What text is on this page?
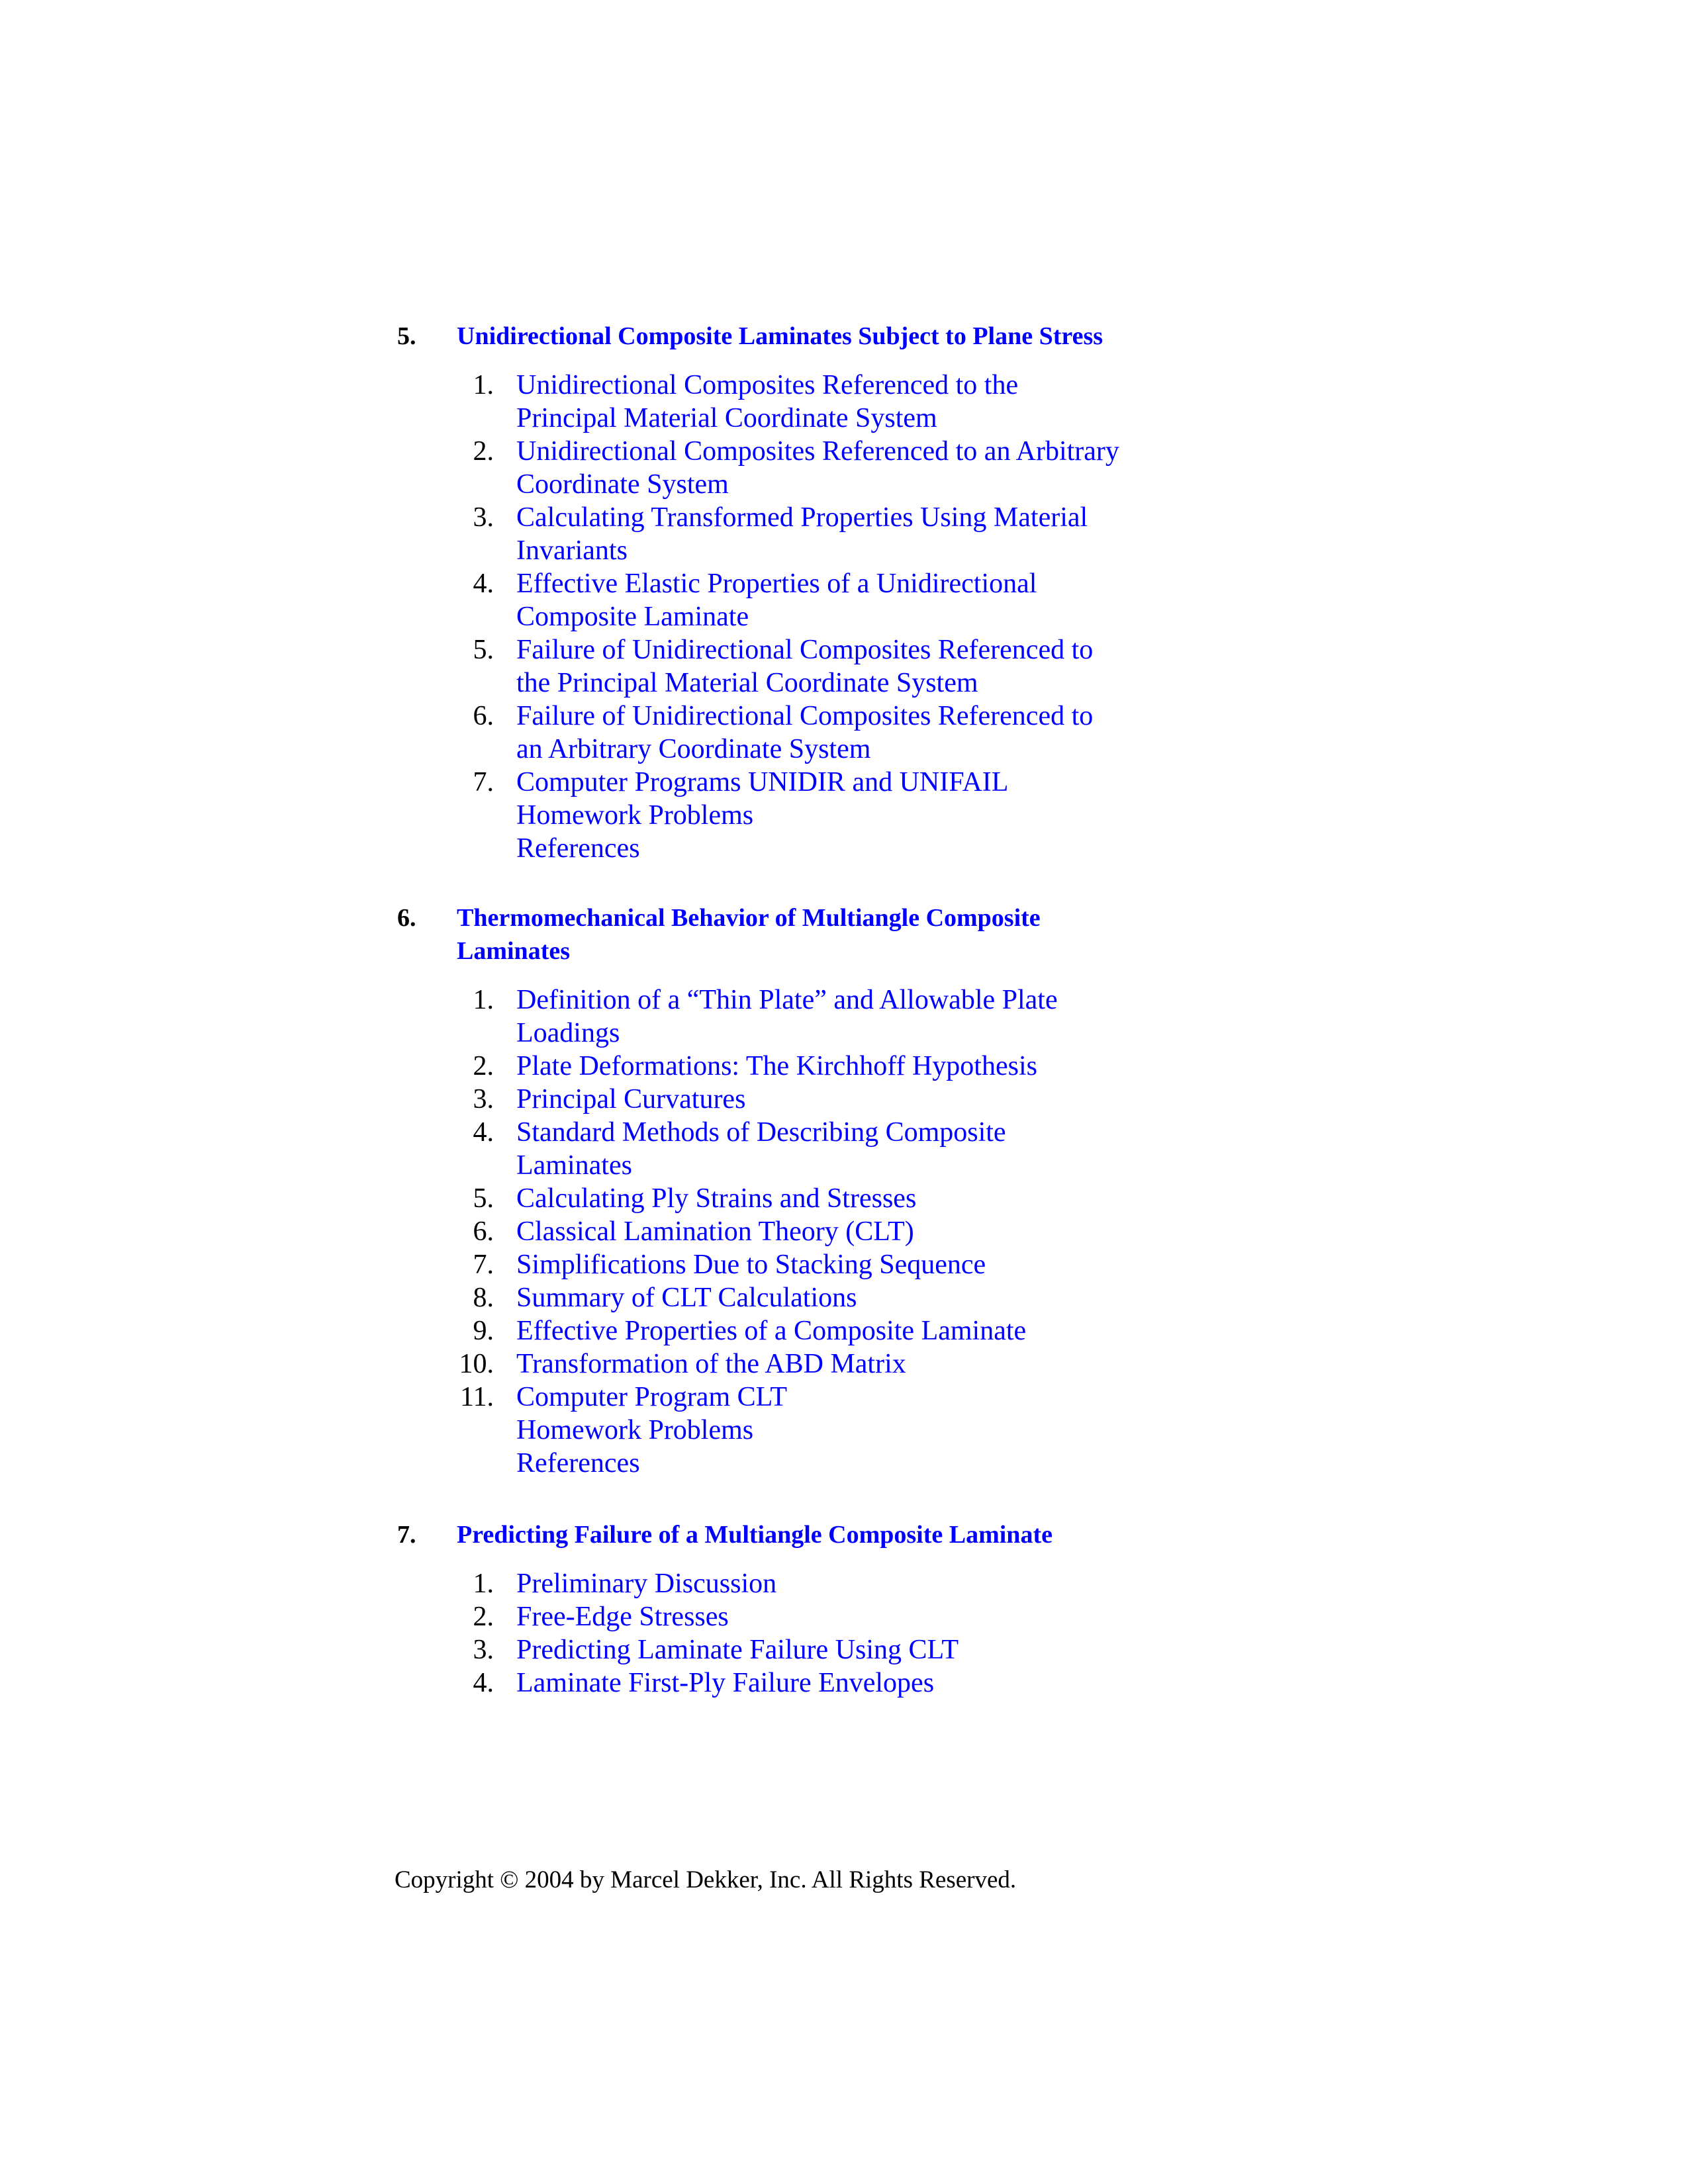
5.	Unidirectional Composite Laminates Subject to Plane Stress
1. Unidirectional Composites Referenced to the Principal Material Coordinate System
2. Unidirectional Composites Referenced to an Arbitrary Coordinate System
3. Calculating Transformed Properties Using Material Invariants
4. Effective Elastic Properties of a Unidirectional Composite Laminate
5. Failure of Unidirectional Composites Referenced to the Principal Material Coordinate System
6. Failure of Unidirectional Composites Referenced to an Arbitrary Coordinate System
7. Computer Programs UNIDIR and UNIFAIL
Homework Problems
References
6.	Thermomechanical Behavior of Multiangle Composite Laminates
1. Definition of a “Thin Plate” and Allowable Plate Loadings
2. Plate Deformations: The Kirchhoff Hypothesis
3. Principal Curvatures
4. Standard Methods of Describing Composite Laminates
5. Calculating Ply Strains and Stresses
6. Classical Lamination Theory (CLT)
7. Simplifications Due to Stacking Sequence
8. Summary of CLT Calculations
9. Effective Properties of a Composite Laminate
10. Transformation of the ABD Matrix
11. Computer Program CLT
Homework Problems
References
7.	Predicting Failure of a Multiangle Composite Laminate
1. Preliminary Discussion
2. Free-Edge Stresses
3. Predicting Laminate Failure Using CLT
4. Laminate First-Ply Failure Envelopes
Copyright © 2004 by Marcel Dekker, Inc. All Rights Reserved.
